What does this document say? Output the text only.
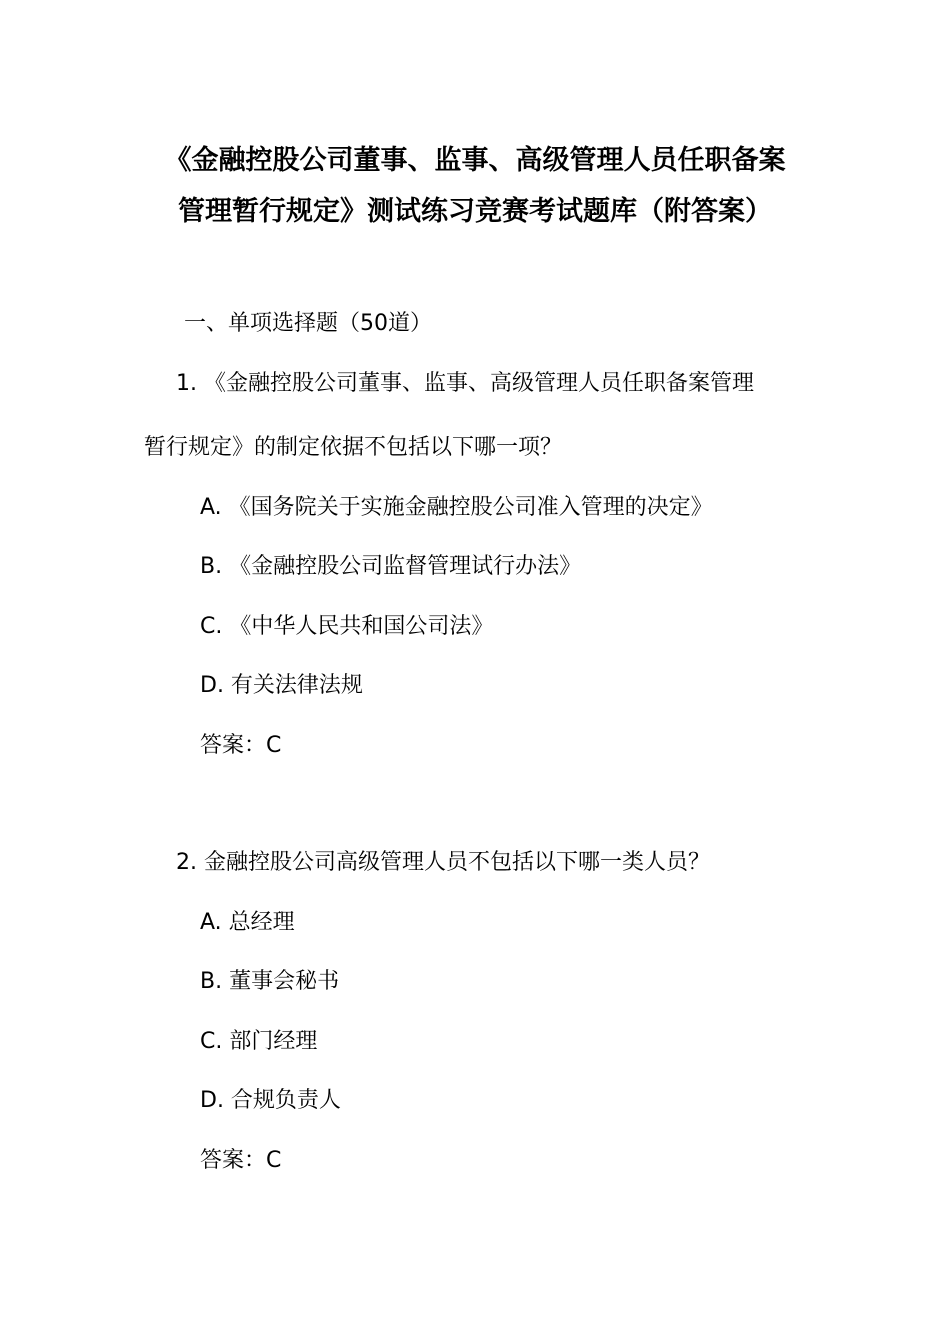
《金融控股公司董事、监事、高级管理人员任职备案
管理暂行规定》测试练习竞赛考试题库（附答案）
一、单项选择题（50道）
1. 《金融控股公司董事、监事、高级管理人员任职备案管理
暂行规定》的制定依据不包括以下哪一项？
A. 《国务院关于实施金融控股公司准入管理的决定》
B. 《金融控股公司监督管理试行办法》
C. 《中华人民共和国公司法》
D. 有关法律法规
答案：C
2. 金融控股公司高级管理人员不包括以下哪一类人员？
A. 总经理
B. 董事会秘书
C. 部门经理
D. 合规负责人
答案：C
